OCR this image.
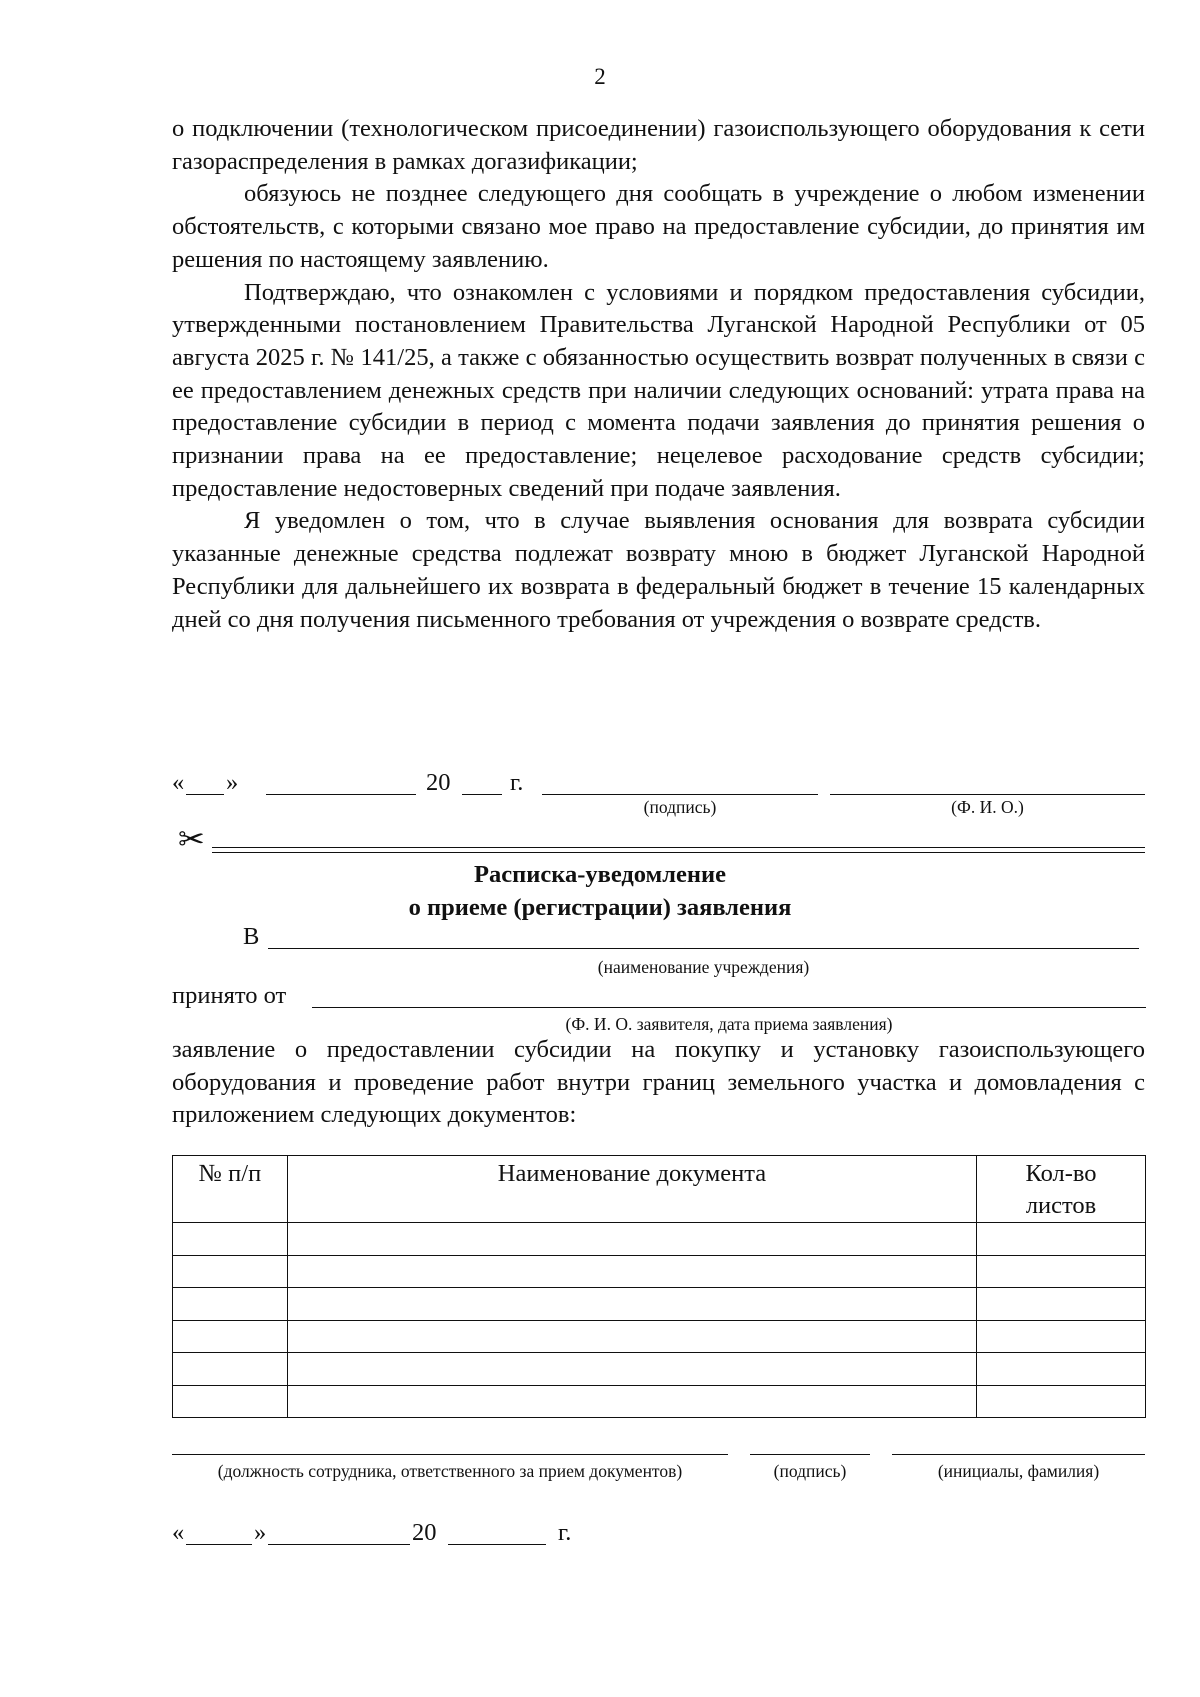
2

о подключении (технологическом присоединении) газоиспользующего оборудования к сети газораспределения в рамках догазификации;

обязуюсь не позднее следующего дня сообщать в учреждение о любом изменении обстоятельств, с которыми связано мое право на предоставление субсидии, до принятия им решения по настоящему заявлению.

Подтверждаю, что ознакомлен с условиями и порядком предоставления субсидии, утвержденными постановлением Правительства Луганской Народной Республики от 05 августа 2025 г. № 141/25, а также с обязанностью осуществить возврат полученных в связи с ее предоставлением денежных средств при наличии следующих оснований: утрата права на предоставление субсидии в период с момента подачи заявления до принятия решения о признании права на ее предоставление; нецелевое расходование средств субсидии; предоставление недостоверных сведений при подаче заявления.

Я уведомлен о том, что в случае выявления основания для возврата субсидии указанные денежные средства подлежат возврату мною в бюджет Луганской Народной Республики для дальнейшего их возврата в федеральный бюджет в течение 15 календарных дней со дня получения письменного требования от учреждения о возврате средств.

« »	20 г.
(подпись)	(Ф. И. О.)
✂
Расписка-уведомление
о приеме (регистрации) заявления
В
(наименование учреждения)
принято от
(Ф. И. О. заявителя, дата приема заявления)

заявление о предоставлении субсидии на покупку и установку газоиспользующего оборудования и проведение работ внутри границ земельного участка и домовладения с приложением следующих документов:

№ п/п	Наименование документа	Кол-во листов

(должность сотрудника, ответственного за прием документов)	(подпись)	(инициалы, фамилия)
«	»	20	г.
